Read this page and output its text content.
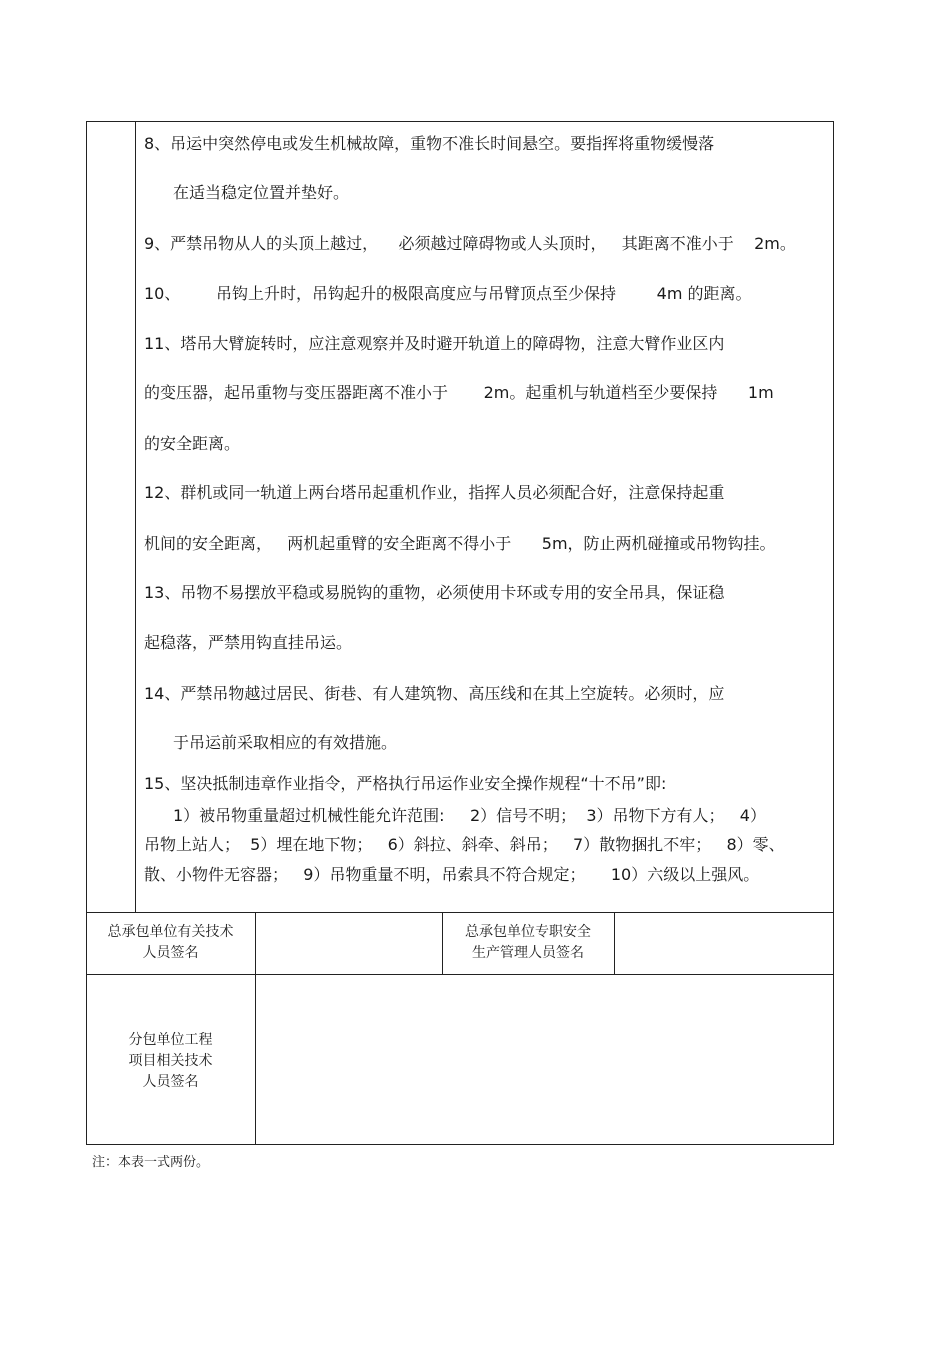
8、吊运中突然停电或发生机械故障，重物不准长时间悬空。要指挥将重物缓慢落
在适当稳定位置并垫好。
9、严禁吊物从人的头顶上越过，    必须越过障碍物或人头顶时，   其距离不准小于    2m。
10、       吊钩上升时，吊钩起升的极限高度应与吊臂顶点至少保持        4m 的距离。
11、塔吊大臂旋转时，应注意观察并及时避开轨道上的障碍物，注意大臂作业区内
的变压器，起吊重物与变压器距离不准小于       2m。起重机与轨道档至少要保持      1m
的安全距离。
12、群机或同一轨道上两台塔吊起重机作业，指挥人员必须配合好，注意保持起重
机间的安全距离，   两机起重臂的安全距离不得小于      5m，防止两机碰撞或吊物钩挂。
13、吊物不易摆放平稳或易脱钩的重物，必须使用卡环或专用的安全吊具，保证稳
起稳落，严禁用钩直挂吊运。
14、严禁吊物越过居民、街巷、有人建筑物、高压线和在其上空旋转。必须时，应
于吊运前采取相应的有效措施。
15、坚决抵制违章作业指令，严格执行吊运作业安全操作规程“十不吊”即:
1）被吊物重量超过机械性能允许范围:     2）信号不明；  3）吊物下方有人；   4）
吊物上站人；  5）埋在地下物；   6）斜拉、斜牵、斜吊；   7）散物捆扎不牢；   8）零、
散、小物件无容器；   9）吊物重量不明，吊索具不符合规定；     10）六级以上强风。
总承包单位有关技术
人员签名
总承包单位专职安全
生产管理人员签名
分包单位工程
项目相关技术
人员签名
注：本表一式两份。
